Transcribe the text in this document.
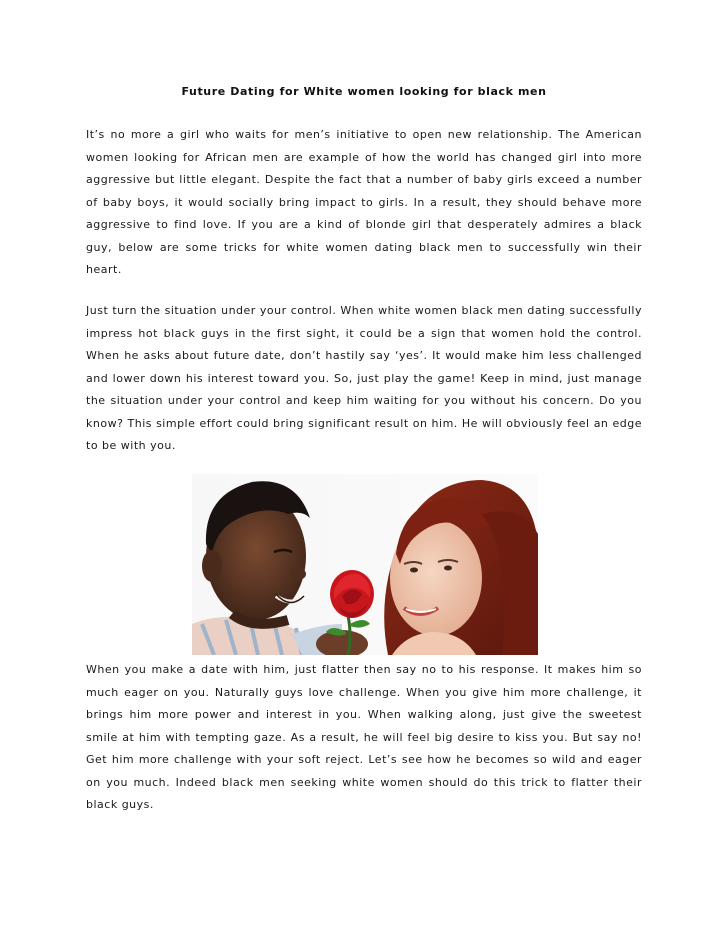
Future Dating for White women looking for black men

It’s no more a girl who waits for men’s initiative to open new relationship. The American women looking for African men are example of how the world has changed girl into more aggressive but little elegant. Despite the fact that a number of baby girls exceed a number of baby boys, it would socially bring impact to girls. In a result, they should behave more aggressive to find love. If you are a kind of blonde girl that desperately admires a black guy, below are some tricks for white women dating black men to successfully win their heart.

Just turn the situation under your control. When white women black men dating successfully impress hot black guys in the first sight, it could be a sign that women hold the control. When he asks about future date, don’t hastily say ‘yes’. It would make him less challenged and lower down his interest toward you. So, just play the game! Keep in mind, just manage the situation under your control and keep him waiting for you without his concern. Do you know? This simple effort could bring significant result on him. He will obviously feel an edge to be with you.

When you make a date with him, just flatter then say no to his response. It makes him so much eager on you. Naturally guys love challenge. When you give him more challenge, it brings him more power and interest in you. When walking along, just give the sweetest smile at him with tempting gaze. As a result, he will feel big desire to kiss you. But say no! Get him more challenge with your soft reject. Let’s see how he becomes so wild and eager on you much. Indeed black men seeking white women should do this trick to flatter their black guys.
